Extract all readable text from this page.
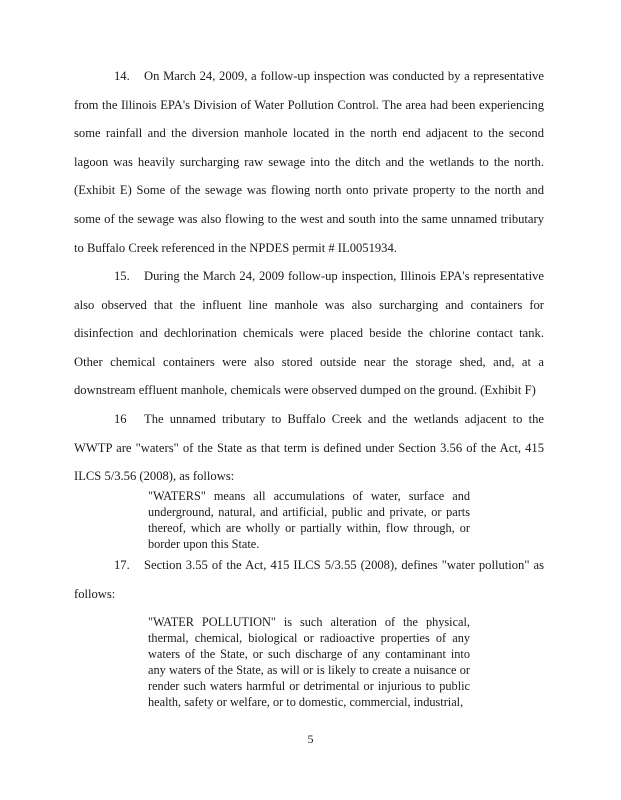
14. On March 24, 2009, a follow-up inspection was conducted by a representative from the Illinois EPA's Division of Water Pollution Control. The area had been experiencing some rainfall and the diversion manhole located in the north end adjacent to the second lagoon was heavily surcharging raw sewage into the ditch and the wetlands to the north. (Exhibit E) Some of the sewage was flowing north onto private property to the north and some of the sewage was also flowing to the west and south into the same unnamed tributary to Buffalo Creek referenced in the NPDES permit # IL0051934.

15. During the March 24, 2009 follow-up inspection, Illinois EPA's representative also observed that the influent line manhole was also surcharging and containers for disinfection and dechlorination chemicals were placed beside the chlorine contact tank. Other chemical containers were also stored outside near the storage shed, and, at a downstream effluent manhole, chemicals were observed dumped on the ground. (Exhibit F)

16 The unnamed tributary to Buffalo Creek and the wetlands adjacent to the WWTP are "waters" of the State as that term is defined under Section 3.56 of the Act, 415 ILCS 5/3.56 (2008), as follows:

"WATERS" means all accumulations of water, surface and underground, natural, and artificial, public and private, or parts thereof, which are wholly or partially within, flow through, or border upon this State.

17. Section 3.55 of the Act, 415 ILCS 5/3.55 (2008), defines "water pollution" as follows:

"WATER POLLUTION" is such alteration of the physical, thermal, chemical, biological or radioactive properties of any waters of the State, or such discharge of any contaminant into any waters of the State, as will or is likely to create a nuisance or render such waters harmful or detrimental or injurious to public health, safety or welfare, or to domestic, commercial, industrial,

5
